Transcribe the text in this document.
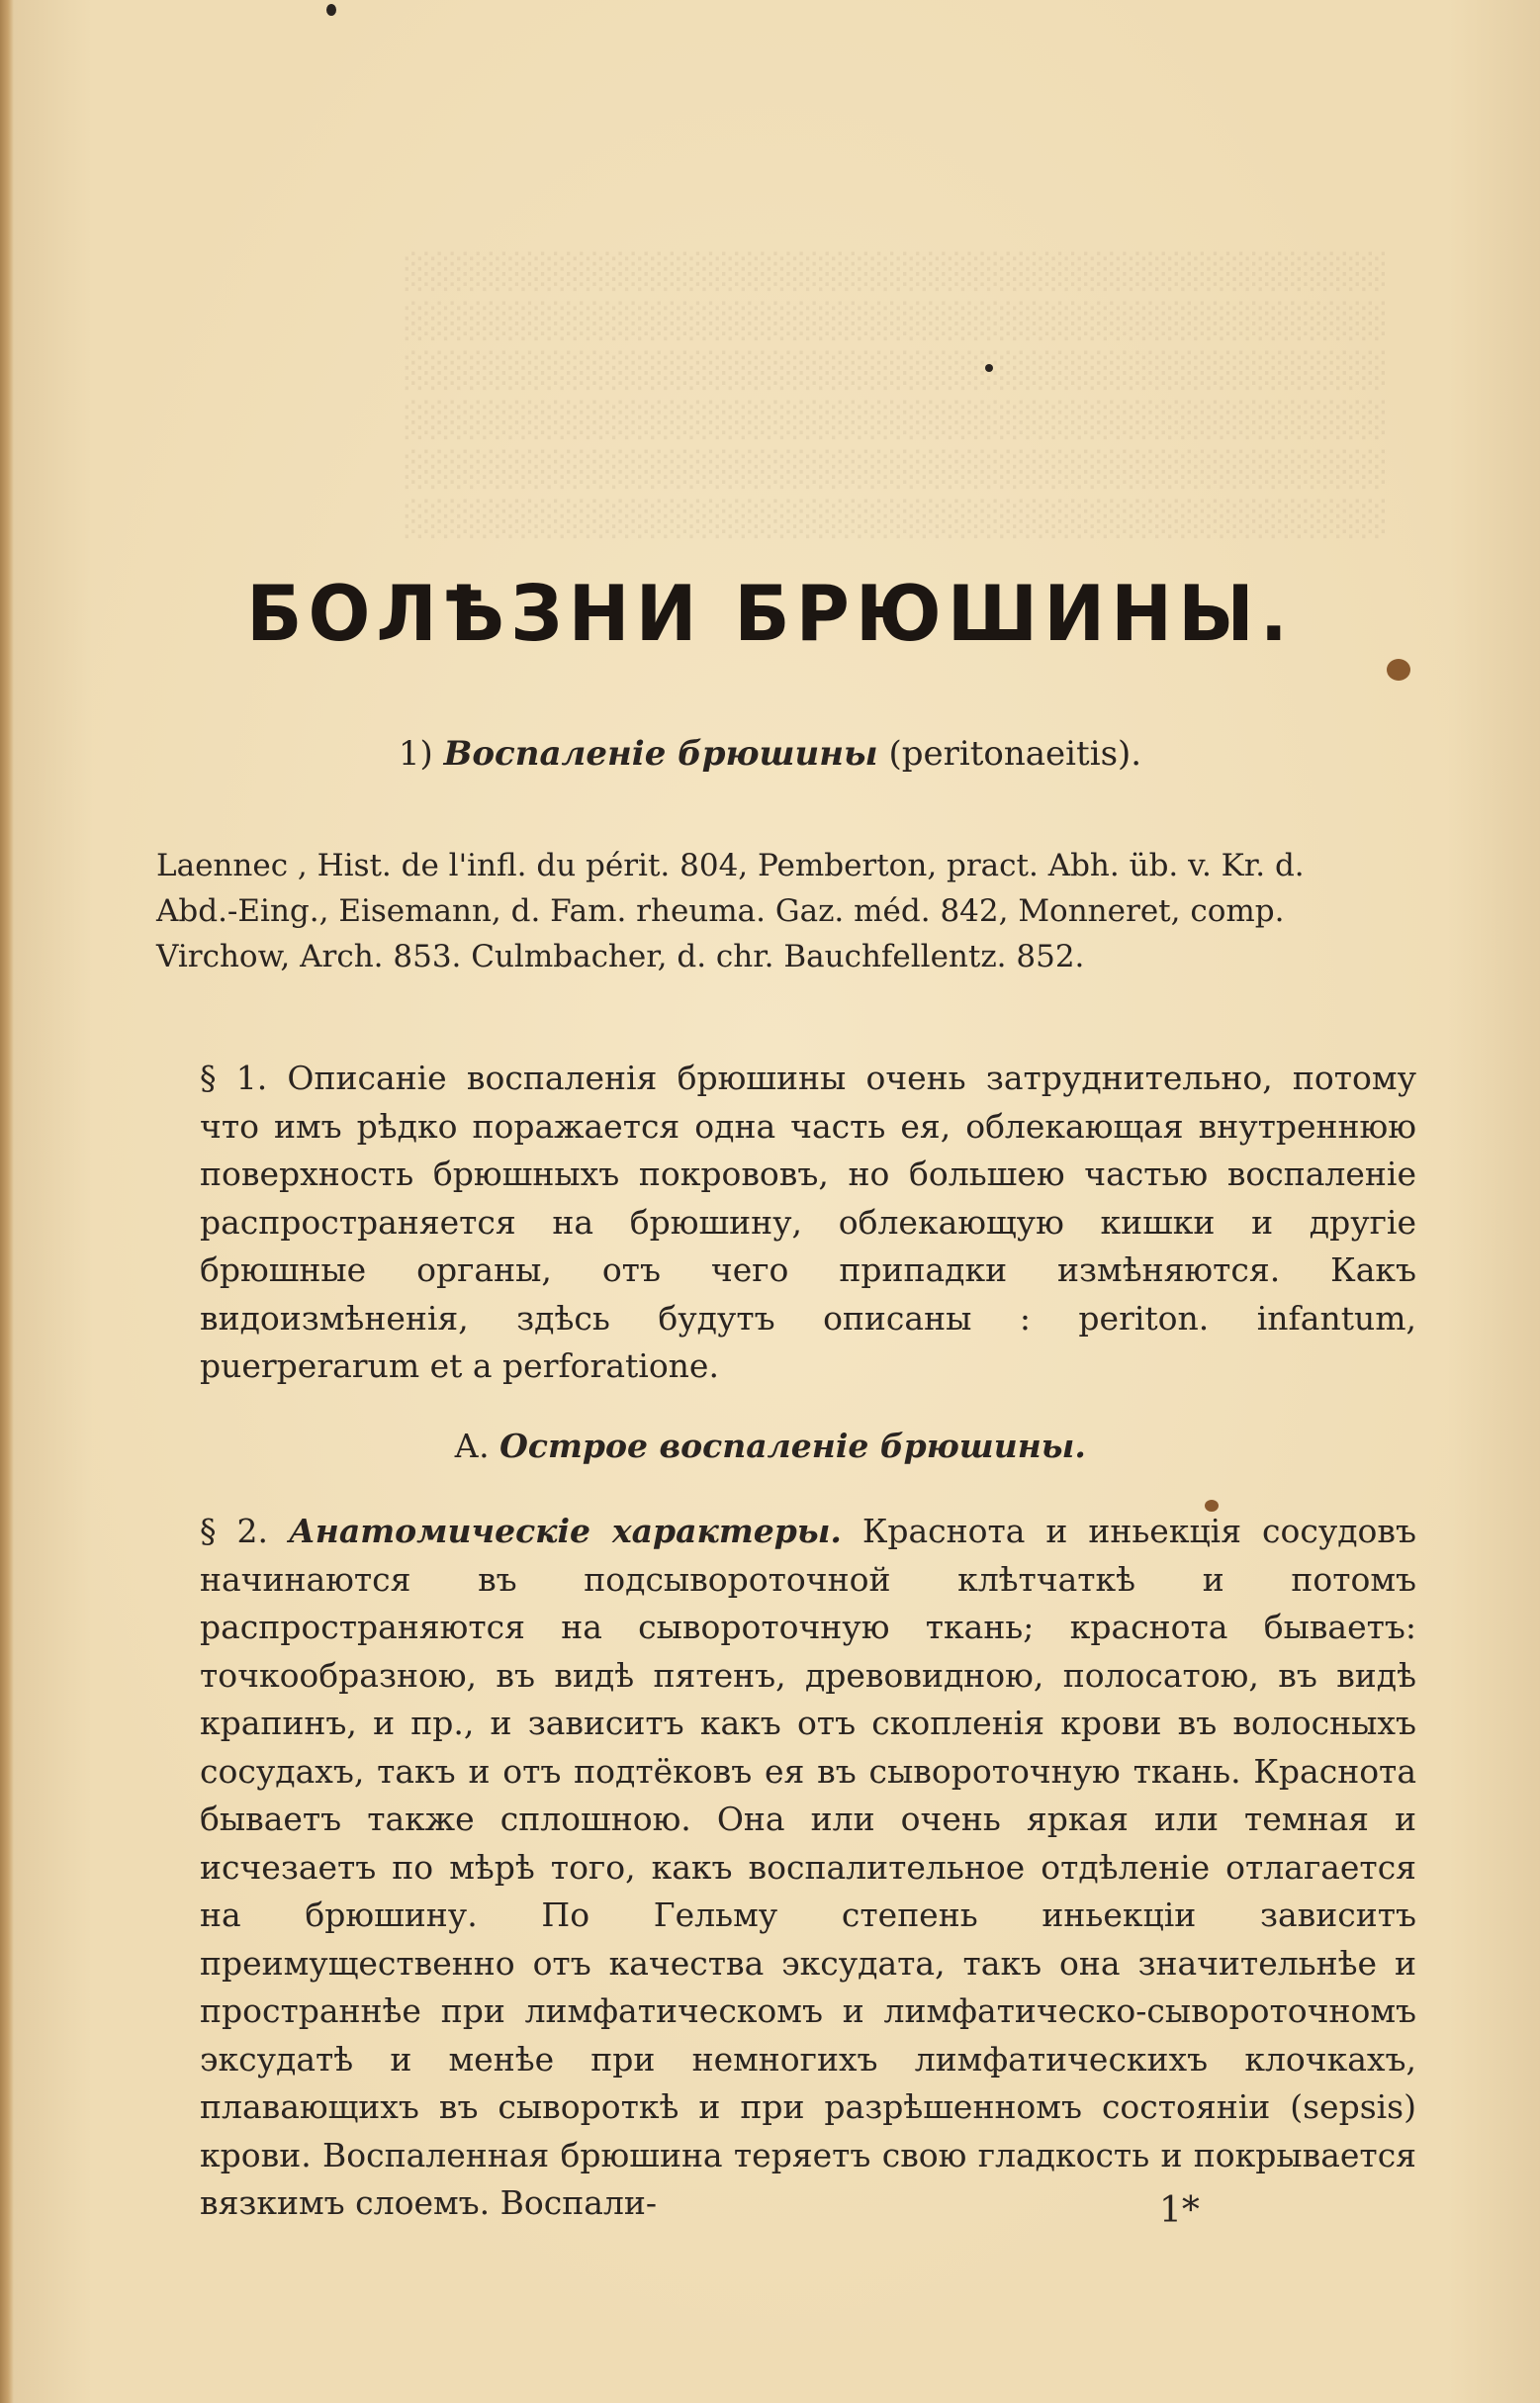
░░░░░░░░░░░░░░░░░░░░░░░░░░░░░░░░░░░░░░
░░░░░░░░░░░░░░░░░░░░░░░░░░░░░░░░░░░░░░
░░░░░░░░░░░░░░░░░░░░░░░░░░░░░░░░░░░░░░
░░░░░░░░░░░░░░░░░░░░░░░░░░░░░░░░░░░░░░
░░░░░░░░░░░░░░░░░░░░░░░░░░░░░░░░░░░░░░
░░░░░░░░░░░░░░░░░░░░░░░░░░░░░░░░░░░░░░
БОЛѢЗНИ БРЮШИНЫ.
1) Воспаленіе брюшины (peritonaeitis).
Laennec , Hist. de l'infl. du périt. 804, Pemberton, pract. Abh. üb. v. Kr. d.
Abd.-Eing., Eisemann, d. Fam. rheuma. Gaz. méd. 842, Monneret, comp.
Virchow, Arch. 853. Culmbacher, d. chr. Bauchfellentz. 852.
§ 1. Описаніе воспаленія брюшины очень затруднительно, потому что имъ рѣдко поражается одна часть ея, облекающая внутреннюю поверхность брюшныхъ покрововъ, но большею частью воспаленіе распространяется на брюшину, облекающую кишки и другіе брюшные органы, отъ чего припадки измѣняются. Какъ видоизмѣненія, здѣсь будутъ описаны : periton. infantum, puerperarum et a perforatione.
А. Острое воспаленіе брюшины.
§ 2. Анатомическіе характеры. Краснота и иньекція сосудовъ начинаются въ подсывороточной клѣтчаткѣ и потомъ распространяются на сывороточную ткань; краснота бываетъ: точкообразною, въ видѣ пятенъ, древовидною, полосатою, въ видѣ крапинъ, и пр., и зависитъ какъ отъ скопленія крови въ волосныхъ сосудахъ, такъ и отъ подтёковъ ея въ сывороточную ткань. Краснота бываетъ также сплошною. Она или очень яркая или темная и исчезаетъ по мѣрѣ того, какъ воспалительное отдѣленіе отлагается на брюшину. По Гельму степень иньекціи зависитъ преимущественно отъ качества эксудата, такъ она значительнѣе и пространнѣе при лимфатическомъ и лимфатическо-сывороточномъ эксудатѣ и менѣе при немногихъ лимфатическихъ клочкахъ, плавающихъ въ сывороткѣ и при разрѣшенномъ состояніи (sepsis) крови. Воспаленная брюшина теряетъ свою гладкость и покрывается вязкимъ слоемъ. Воспали-	1*
